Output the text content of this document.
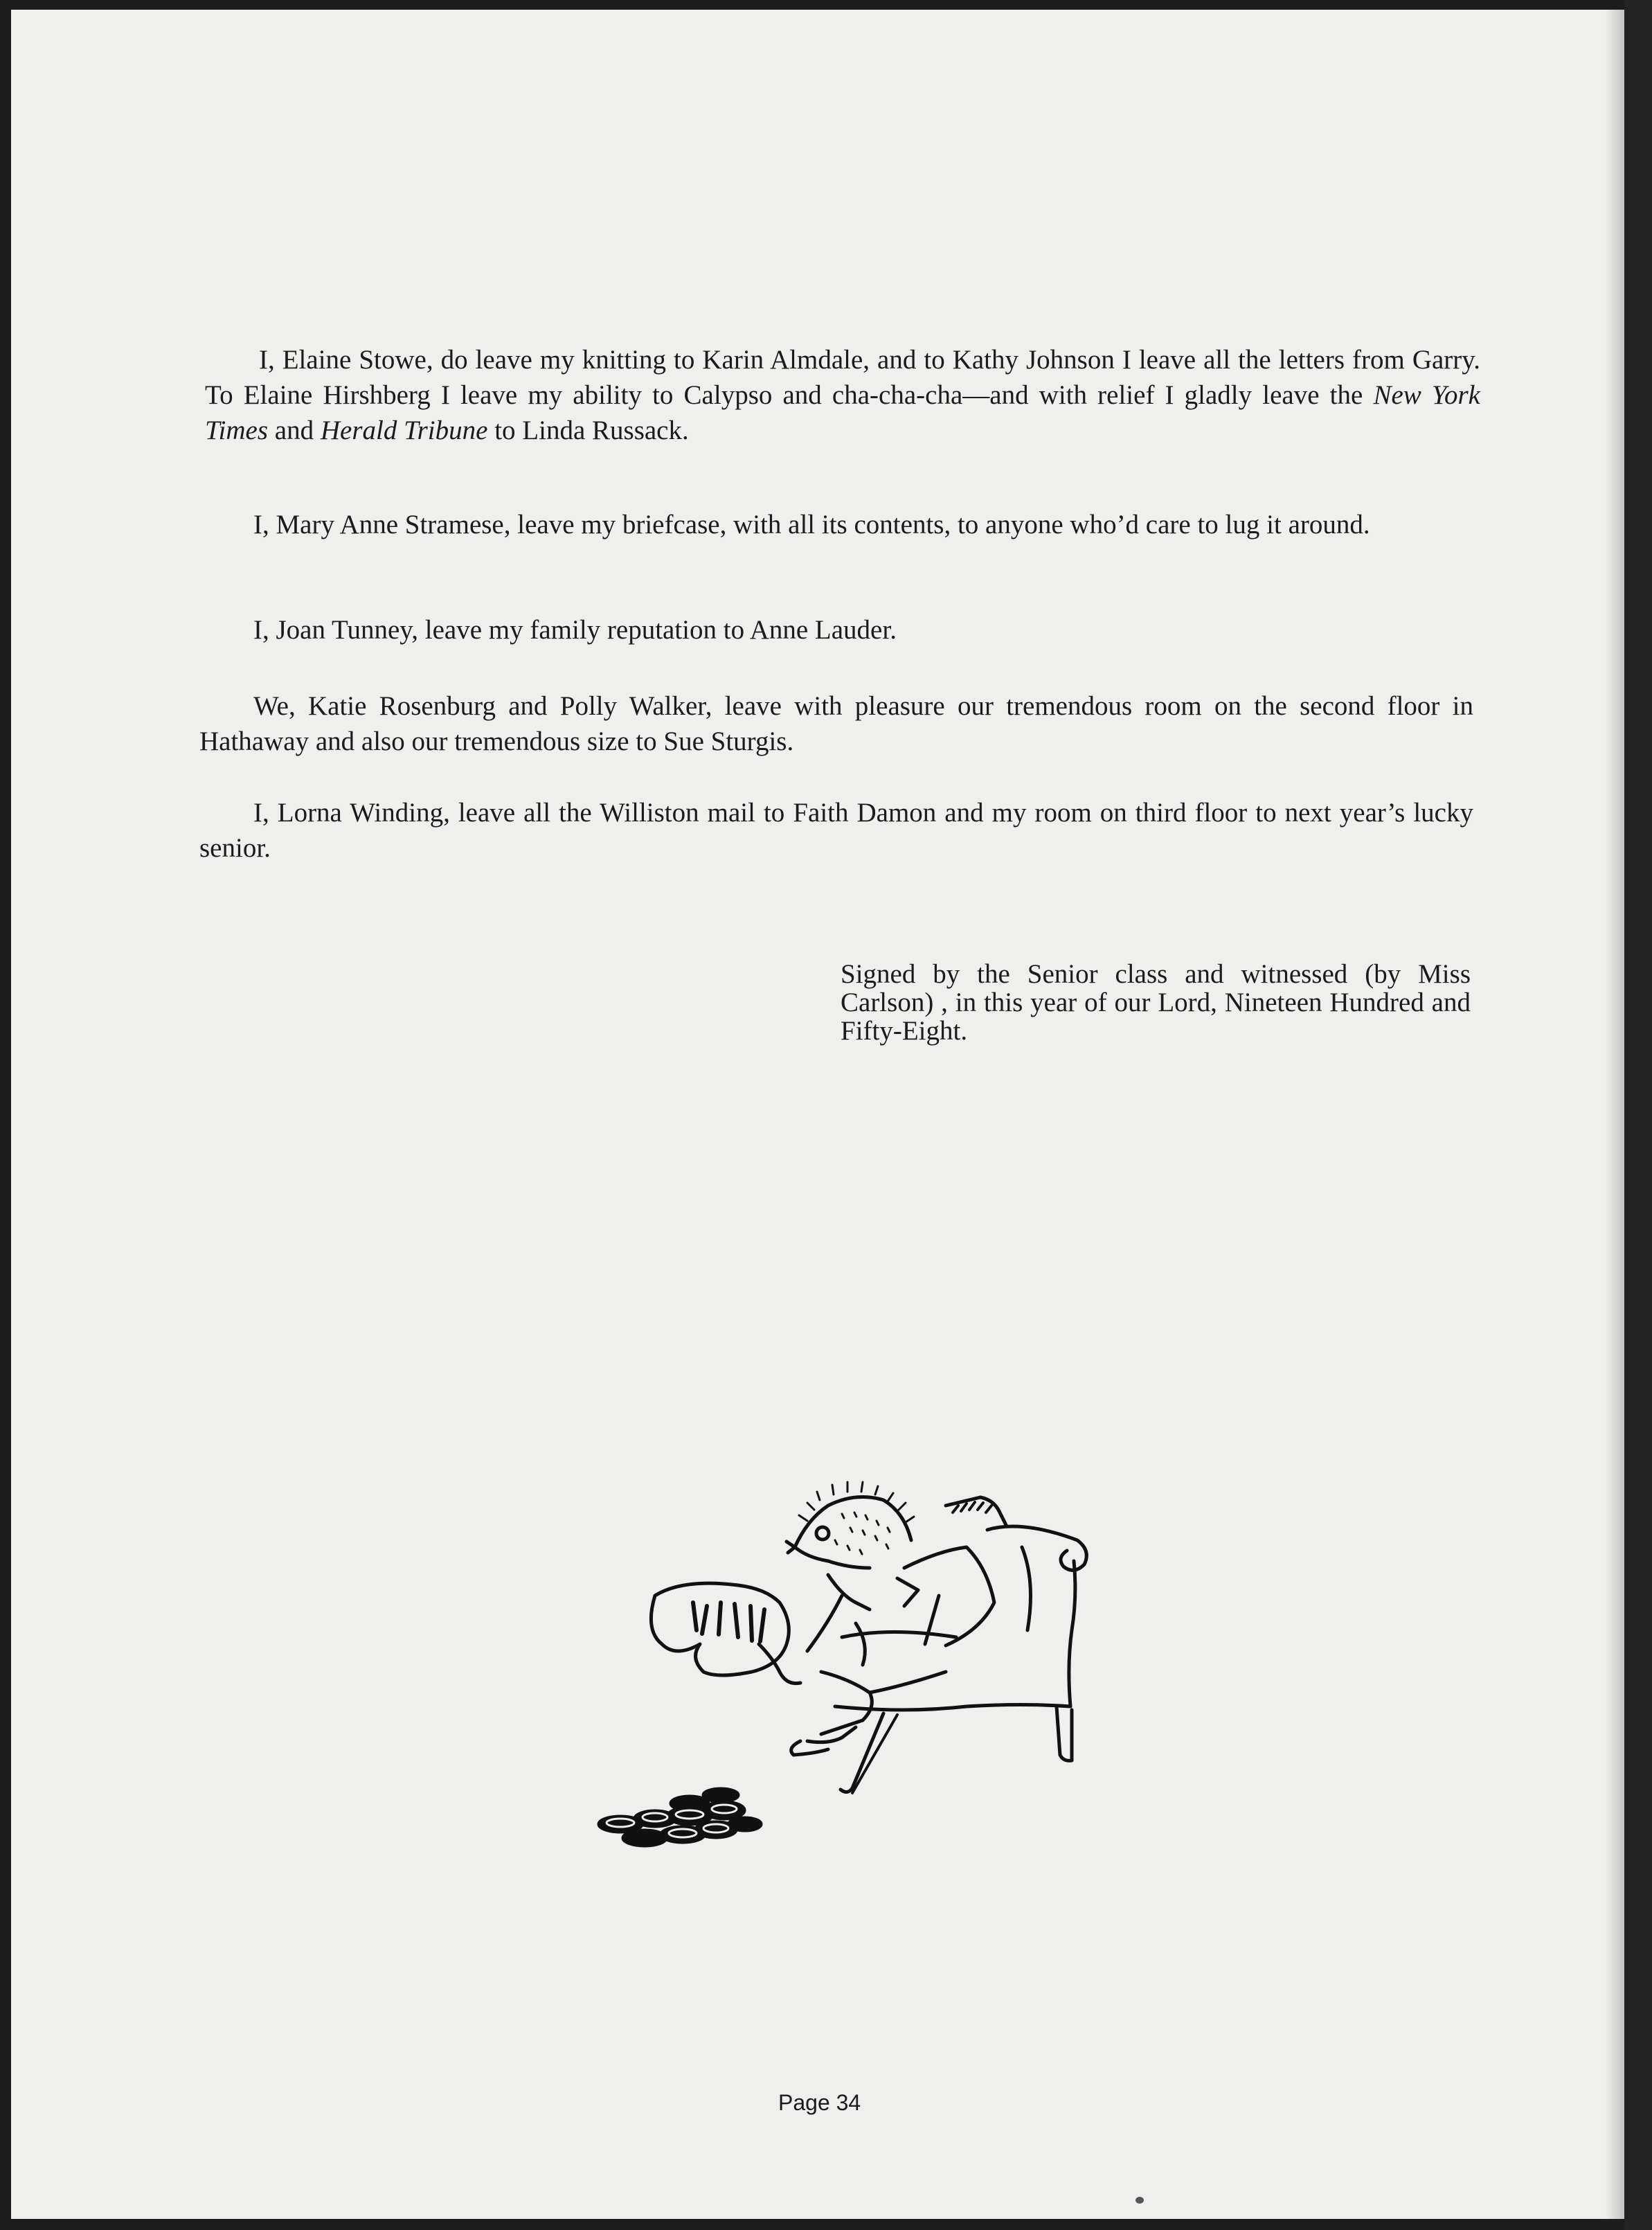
I, Elaine Stowe, do leave my knitting to Karin Almdale, and to Kathy Johnson I leave all the letters from Garry. To Elaine Hirshberg I leave my ability to Calypso and cha-cha-cha—and with relief I gladly leave the New York Times and Herald Tribune to Linda Russack.

I, Mary Anne Stramese, leave my briefcase, with all its contents, to anyone who’d care to lug it around.

I, Joan Tunney, leave my family reputation to Anne Lauder.

We, Katie Rosenburg and Polly Walker, leave with pleasure our tremendous room on the second floor in Hathaway and also our tremendous size to Sue Sturgis.

I, Lorna Winding, leave all the Williston mail to Faith Damon and my room on third floor to next year’s lucky senior.

Signed by the Senior class and witnessed (by Miss Carlson) , in this year of our Lord, Nineteen Hundred and Fifty-Eight.

Page 34
